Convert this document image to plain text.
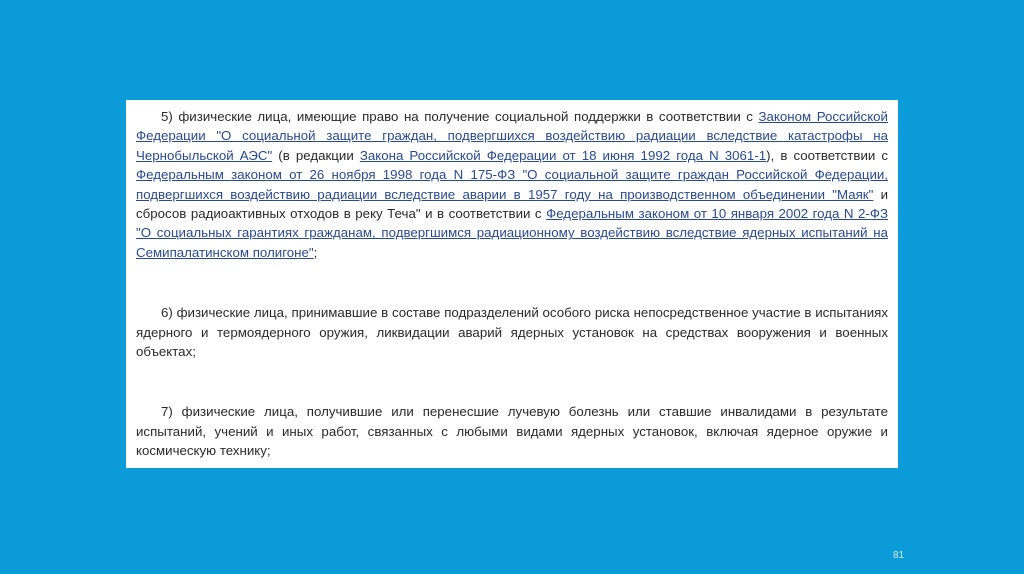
5) физические лица, имеющие право на получение социальной поддержки в соответствии с Законом Российской Федерации "О социальной защите граждан, подвергшихся воздействию радиации вследствие катастрофы на Чернобыльской АЭС" (в редакции Закона Российской Федерации от 18 июня 1992 года N 3061-1), в соответствии с Федеральным законом от 26 ноября 1998 года N 175-ФЗ "О социальной защите граждан Российской Федерации, подвергшихся воздействию радиации вследствие аварии в 1957 году на производственном объединении "Маяк" и сбросов радиоактивных отходов в реку Теча" и в соответствии с Федеральным законом от 10 января 2002 года N 2-ФЗ "О социальных гарантиях гражданам, подвергшимся радиационному воздействию вследствие ядерных испытаний на Семипалатинском полигоне";

6) физические лица, принимавшие в составе подразделений особого риска непосредственное участие в испытаниях ядерного и термоядерного оружия, ликвидации аварий ядерных установок на средствах вооружения и военных объектах;

7) физические лица, получившие или перенесшие лучевую болезнь или ставшие инвалидами в результате испытаний, учений и иных работ, связанных с любыми видами ядерных установок, включая ядерное оружие и космическую технику;

81
